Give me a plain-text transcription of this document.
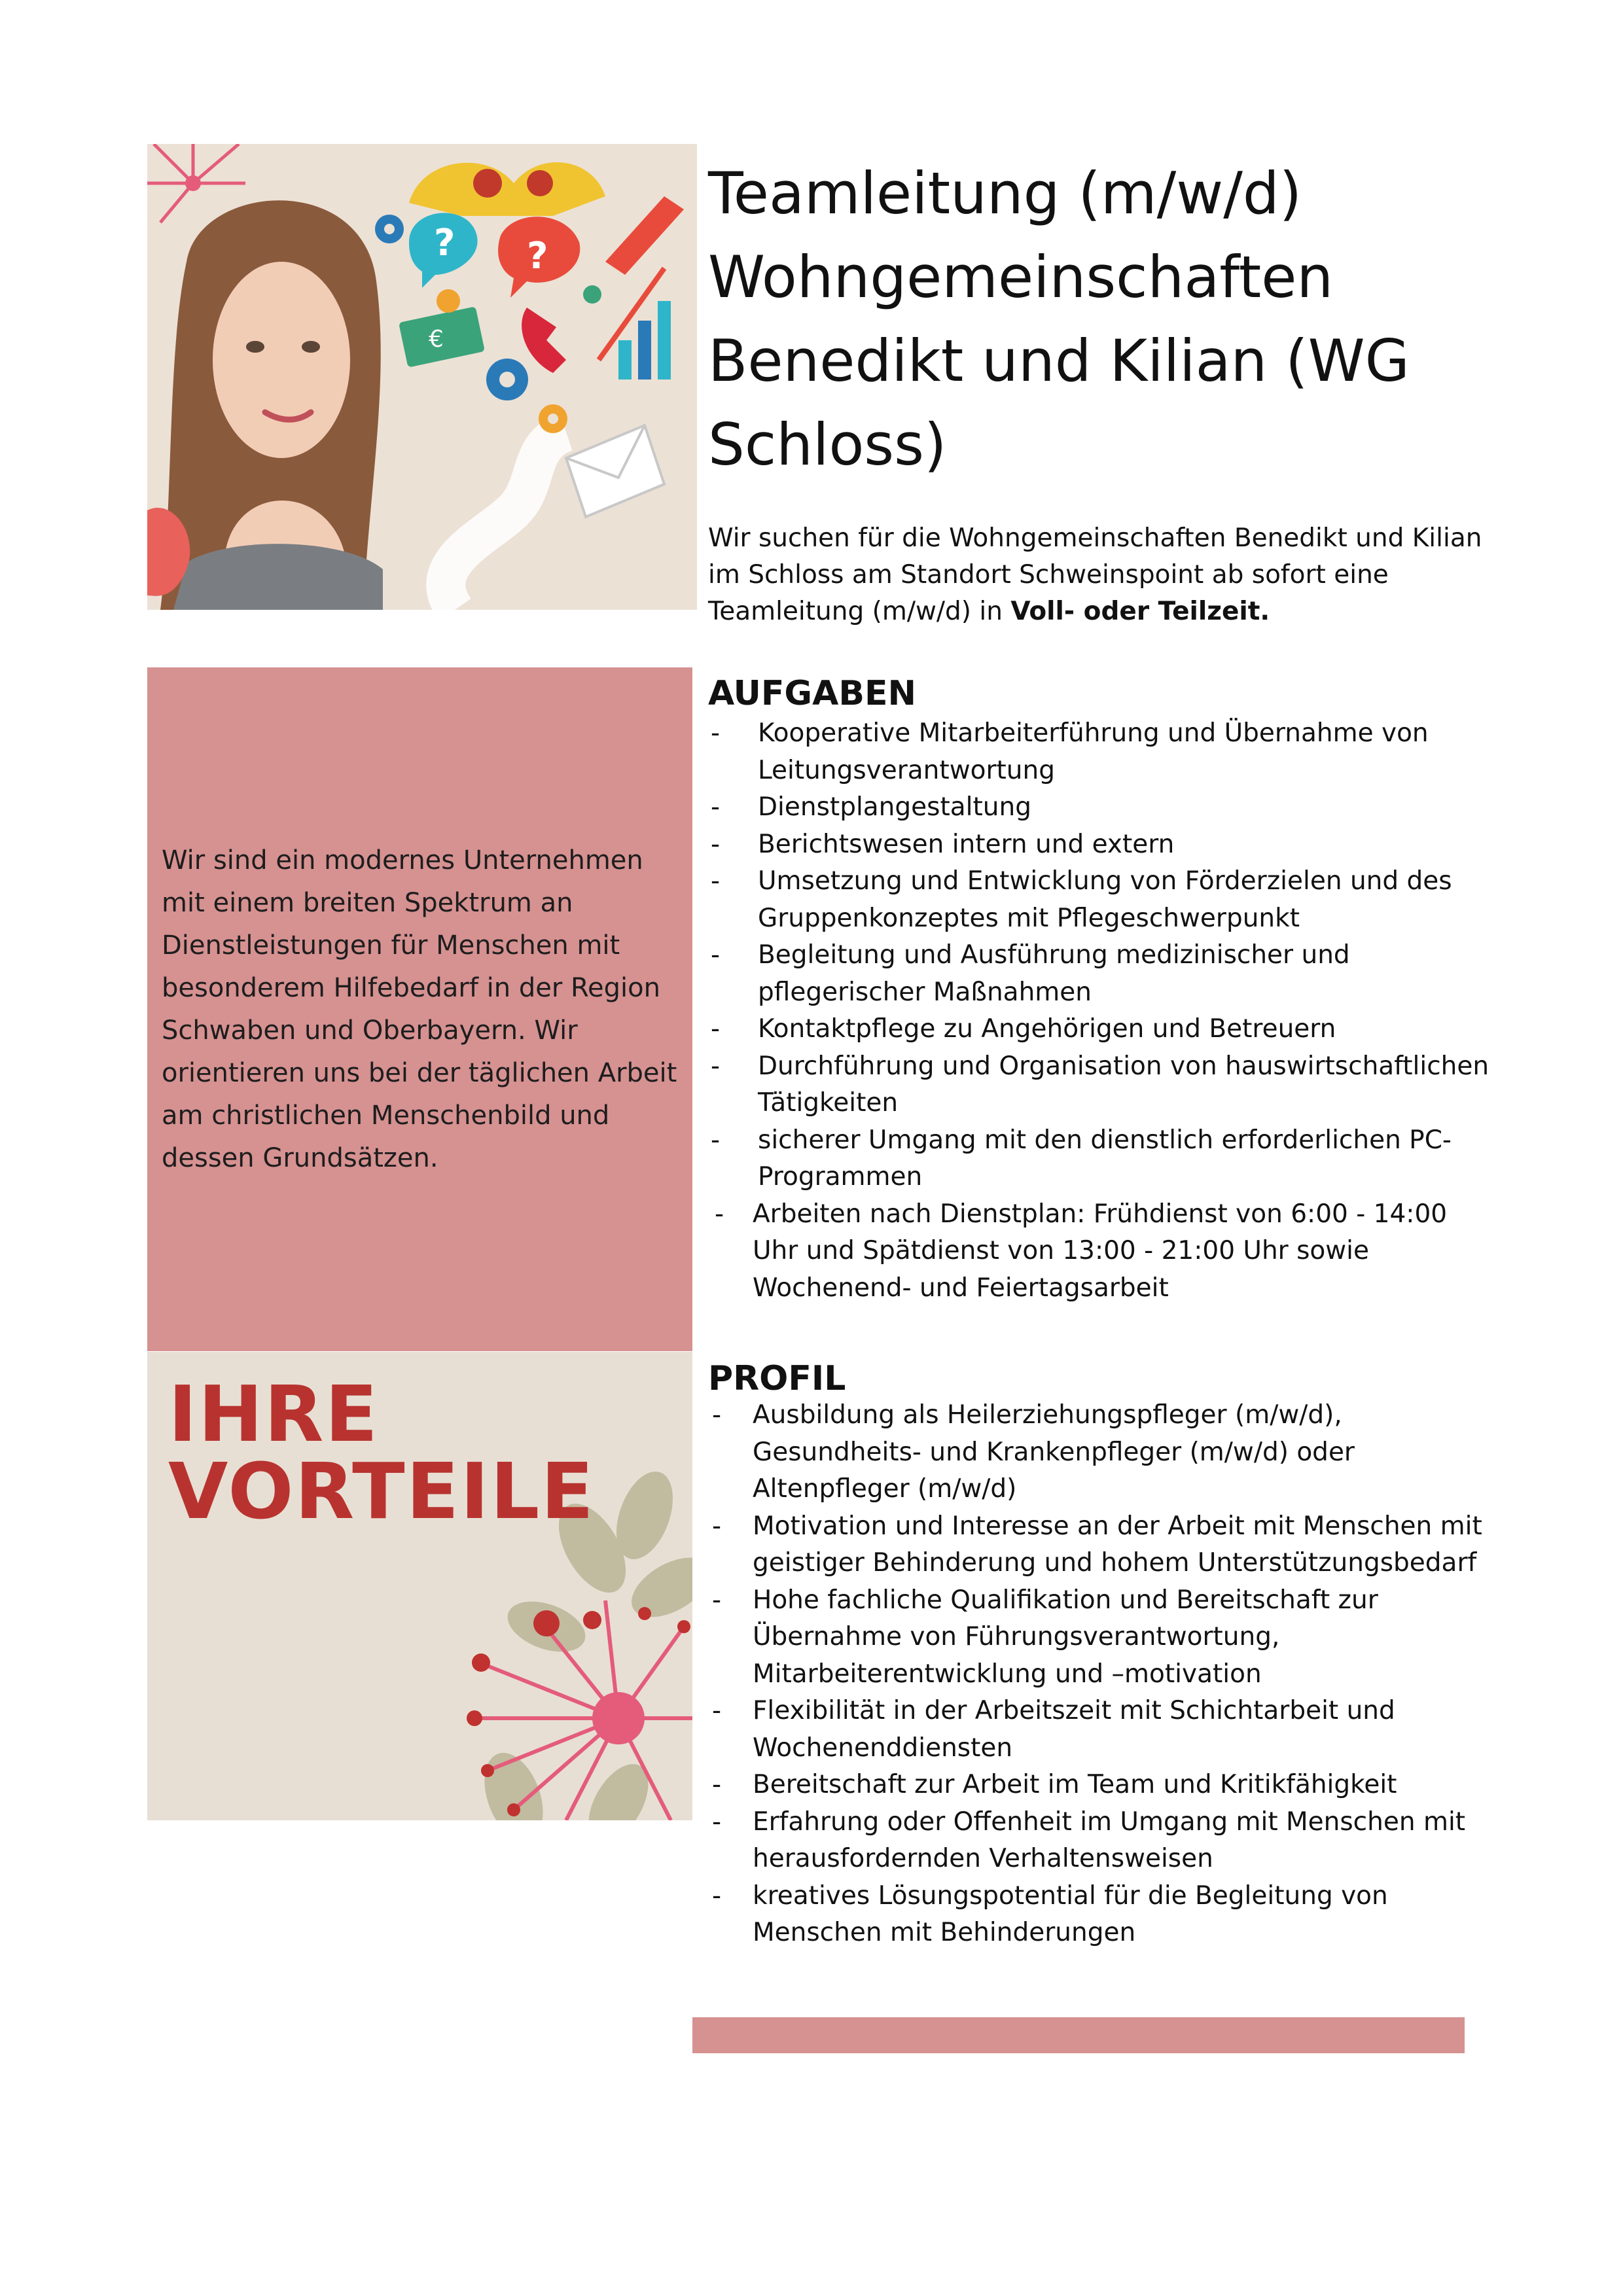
? ?
€
Wir sind ein modernes Unternehmen mit einem breiten Spektrum an Dienstleistungen für Menschen mit besonderem Hilfebedarf in der Region Schwaben und Oberbayern. Wir orientieren uns bei der täglichen Arbeit am christlichen Menschenbild und dessen Grundsätzen.
IHRE
VORTEILE
Teamleitung (m/w/d) Wohngemeinschaften Benedikt und Kilian (WG Schloss)
Wir suchen für die Wohngemeinschaften Benedikt und Kilian im Schloss am Standort Schweinspoint ab sofort eine Teamleitung (m/w/d) in Voll- oder Teilzeit.
AUFGABEN
- Kooperative Mitarbeiterführung und Übernahme von Leitungsverantwortung
- Dienstplangestaltung
- Berichtswesen intern und extern
- Umsetzung und Entwicklung von Förderzielen und des Gruppenkonzeptes mit Pflegeschwerpunkt
- Begleitung und Ausführung medizinischer und pflegerischer Maßnahmen
- Kontaktpflege zu Angehörigen und Betreuern
- Durchführung und Organisation von hauswirtschaftlichen Tätigkeiten
- sicherer Umgang mit den dienstlich erforderlichen PC-Programmen
- Arbeiten nach Dienstplan: Frühdienst von 6:00 - 14:00 Uhr und Spätdienst von 13:00 - 21:00 Uhr sowie Wochenend- und Feiertagsarbeit
PROFIL
- Ausbildung als Heilerziehungspfleger (m/w/d), Gesundheits- und Krankenpfleger (m/w/d) oder Altenpfleger (m/w/d)
- Motivation und Interesse an der Arbeit mit Menschen mit geistiger Behinderung und hohem Unterstützungsbedarf
- Hohe fachliche Qualifikation und Bereitschaft zur Übernahme von Führungsverantwortung, Mitarbeiterentwicklung und –motivation
- Flexibilität in der Arbeitszeit mit Schichtarbeit und Wochenenddiensten
- Bereitschaft zur Arbeit im Team und Kritikfähigkeit
- Erfahrung oder Offenheit im Umgang mit Menschen mit herausfordernden Verhaltensweisen
- kreatives Lösungspotential für die Begleitung von Menschen mit Behinderungen
